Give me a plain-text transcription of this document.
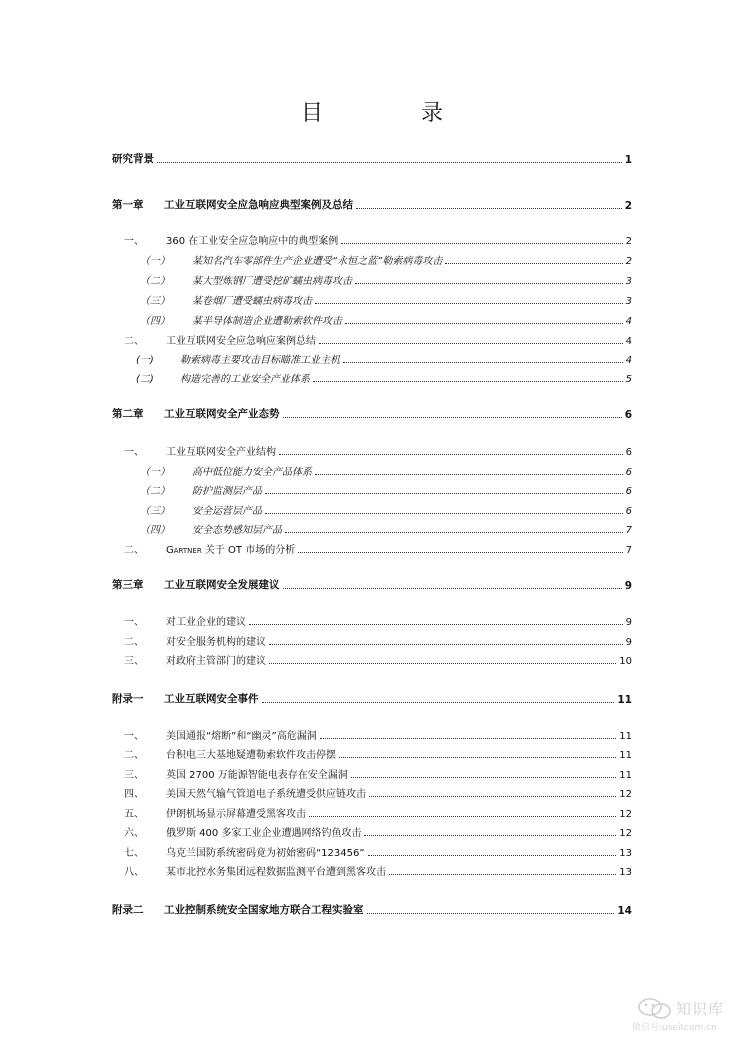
目　录
研究背景	1
第一章	工业互联网安全应急响应典型案例及总结	2
一、	360 在工业安全应急响应中的典型案例	2
（一）	某知名汽车零部件生产企业遭受“永恒之蓝”勒索病毒攻击	2
（二）	某大型炼钢厂遭受挖矿蠕虫病毒攻击	3
（三）	某卷烟厂遭受蠕虫病毒攻击	3
（四）	某半导体制造企业遭勒索软件攻击	4
二、	工业互联网安全应急响应案例总结	4
(一)	勒索病毒主要攻击目标瞄准工业主机	4
(二)	构造完善的工业安全产业体系	5
第二章	工业互联网安全产业态势	6
一、	工业互联网安全产业结构	6
（一）	高中低位能力安全产品体系	6
（二）	防护监测层产品	6
（三）	安全运营层产品	6
（四）	安全态势感知层产品	7
二、	Gartner 关于 OT 市场的分析	7
第三章	工业互联网安全发展建议	9
一、	对工业企业的建议	9
二、	对安全服务机构的建议	9
三、	对政府主管部门的建议	10
附录一	工业互联网安全事件	11
一、	美国通报“熔断”和“幽灵”高危漏洞	11
二、	台积电三大基地疑遭勒索软件攻击停摆	11
三、	英国 2700 万能源智能电表存在安全漏洞	11
四、	美国天然气输气管道电子系统遭受供应链攻击	12
五、	伊朗机场显示屏幕遭受黑客攻击	12
六、	俄罗斯 400 多家工业企业遭遇网络钓鱼攻击	12
七、	乌克兰国防系统密码竟为初始密码“123456”	13
八、	某市北控水务集团远程数据监测平台遭到黑客攻击	13
附录二	工业控制系统安全国家地方联合工程实验室	14
知识库
微信号:useitcom.cn
